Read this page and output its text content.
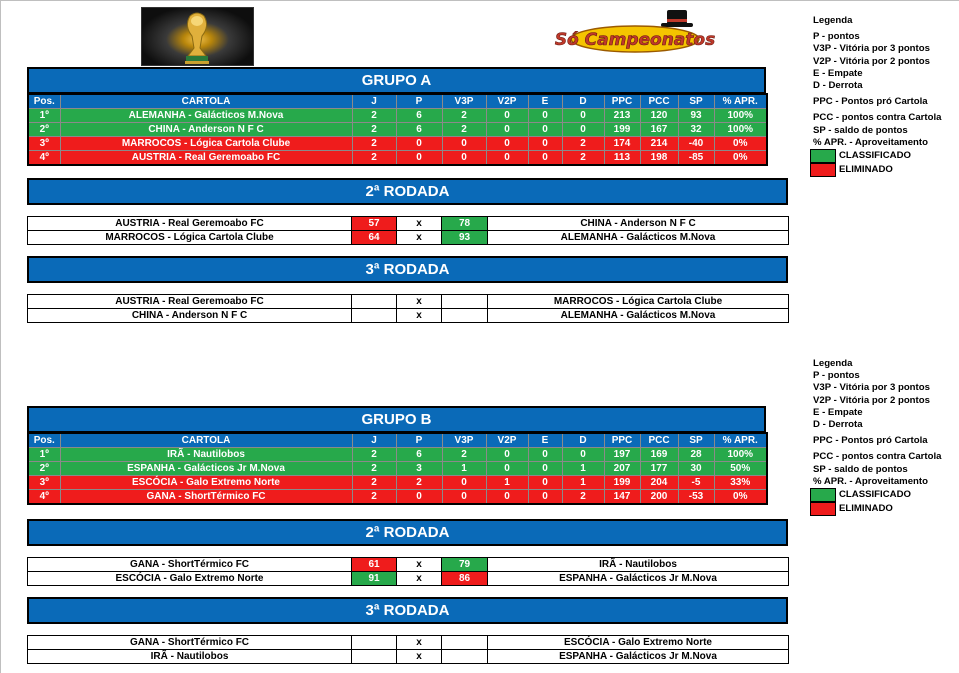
Só Campeonatos
Legenda
P - pontos
V3P - Vitória por 3 pontos
V2P - Vitória por 2 pontos
E - Empate
D - Derrota
PPC - Pontos pró Cartola
PCC - pontos contra Cartola
SP - saldo de pontos
% APR. - Aproveitamento
CLASSIFICADO
ELIMINADO
Legenda
P - pontos
V3P - Vitória por 3 pontos
V2P - Vitória por 2 pontos
E - Empate
D - Derrota
PPC - Pontos pró Cartola
PCC - pontos contra Cartola
SP - saldo de pontos
% APR. - Aproveitamento
CLASSIFICADO
ELIMINADO
GRUPO A
Pos.	CARTOLA	J	P	V3P	V2P	E	D	PPC	PCC	SP	% APR.
1º	ALEMANHA - Galácticos M.Nova	2	6	2	0	0	0	213	120	93	100%
2º	CHINA - Anderson N F C	2	6	2	0	0	0	199	167	32	100%
3º	MARROCOS - Lógica Cartola Clube	2	0	0	0	0	2	174	214	-40	0%
4º	AUSTRIA - Real Geremoabo FC	2	0	0	0	0	2	113	198	-85	0%
2ª RODADA
AUSTRIA - Real Geremoabo FC	57	x	78	CHINA - Anderson N F C
MARROCOS - Lógica Cartola Clube	64	x	93	ALEMANHA - Galácticos M.Nova
3ª RODADA
AUSTRIA - Real Geremoabo FC		x		MARROCOS - Lógica Cartola Clube
CHINA - Anderson N F C		x		ALEMANHA - Galácticos M.Nova
GRUPO B
Pos.	CARTOLA	J	P	V3P	V2P	E	D	PPC	PCC	SP	% APR.
1º	IRÃ - Nautilobos	2	6	2	0	0	0	197	169	28	100%
2º	ESPANHA - Galácticos Jr M.Nova	2	3	1	0	0	1	207	177	30	50%
3º	ESCÓCIA - Galo Extremo Norte	2	2	0	1	0	1	199	204	-5	33%
4º	GANA - ShortTérmico FC	2	0	0	0	0	2	147	200	-53	0%
2ª RODADA
GANA - ShortTérmico FC	61	x	79	IRÃ - Nautilobos
ESCÓCIA - Galo Extremo Norte	91	x	86	ESPANHA - Galácticos Jr M.Nova
3ª RODADA
GANA - ShortTérmico FC		x		ESCÓCIA - Galo Extremo Norte
IRÃ - Nautilobos		x		ESPANHA - Galácticos Jr M.Nova
